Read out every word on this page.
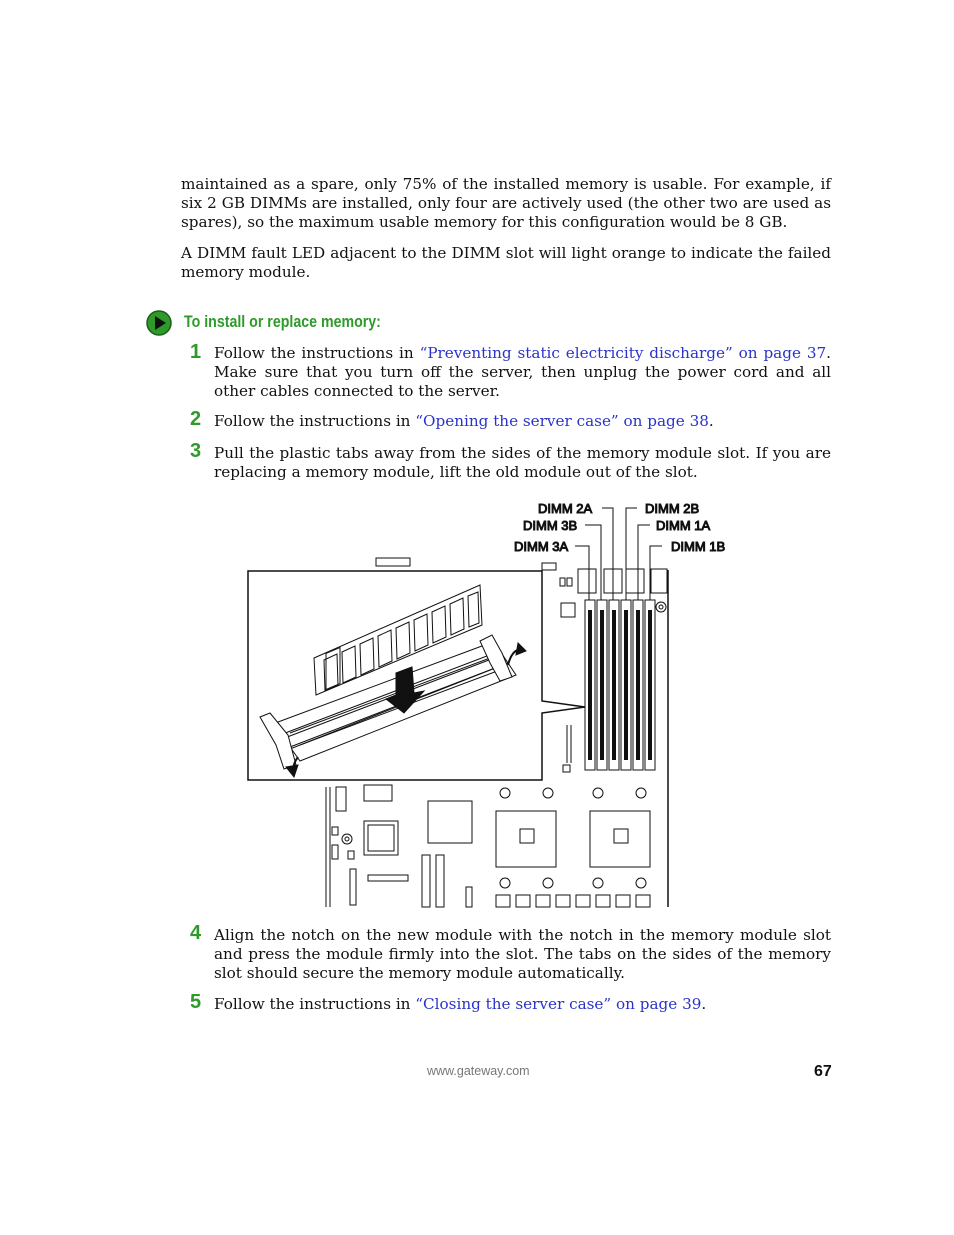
maintained as a spare, only 75% of the installed memory is usable. For example, if six 2 GB DIMMs are installed, only four are actively used (the other two are used as spares), so the maximum usable memory for this configuration would be 8 GB.

A DIMM fault LED adjacent to the DIMM slot will light orange to indicate the failed memory module.

To install or replace memory:
1 Follow the instructions in “Preventing static electricity discharge” on page 37. Make sure that you turn off the server, then unplug the power cord and all other cables connected to the server.

2 Follow the instructions in “Opening the server case” on page 38.

3 Pull the plastic tabs away from the sides of the memory module slot. If you are replacing a memory module, lift the old module out of the slot.

DIMM 2A	DIMM 2B
DIMM 3B	DIMM 1A
DIMM 3A	DIMM 1B
4 Align the notch on the new module with the notch in the memory module slot and press the module firmly into the slot. The tabs on the sides of the memory slot should secure the memory module automatically.

5 Follow the instructions in “Closing the server case” on page 39.

www.gateway.com	67
